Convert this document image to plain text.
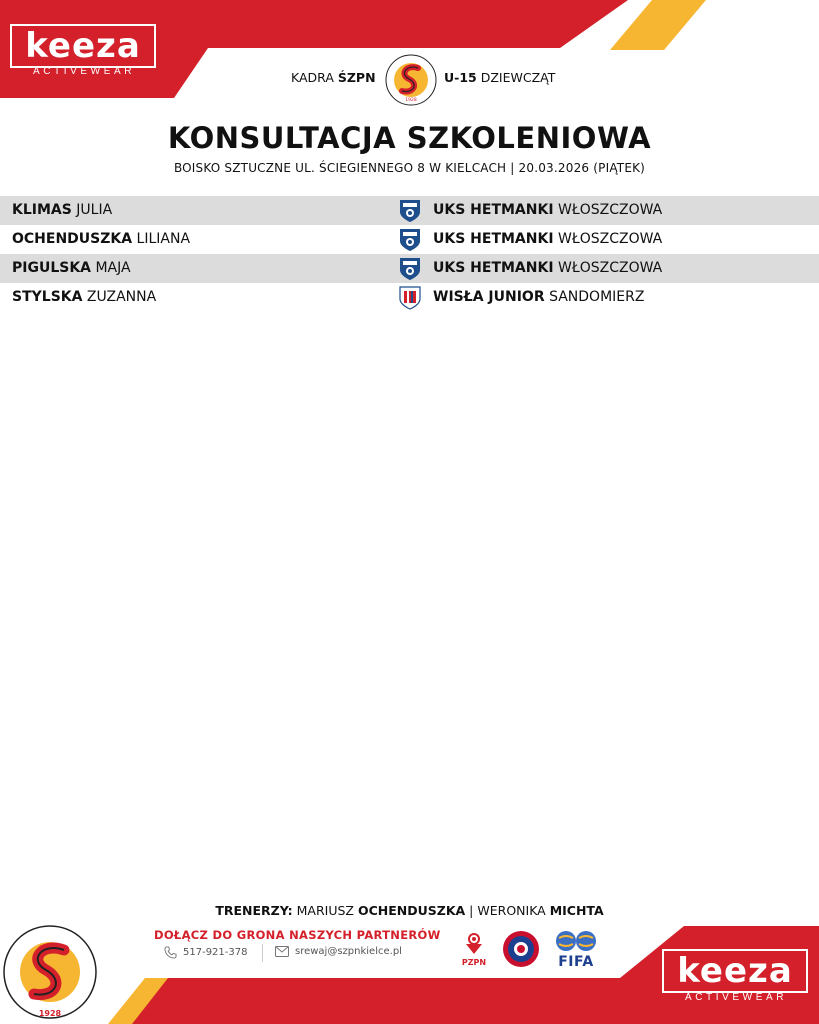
keeza
ACTIVEWEAR	KADRA ŚZPN
1928
U-15 DZIEWCZĄT
KONSULTACJA SZKOLENIOWA
BOISKO SZTUCZNE UL. ŚCIEGIENNEGO 8 W KIELCACH | 20.03.2026 (PIĄTEK)
KLIMAS JULIA	UKS HETMANKI WŁOSZCZOWA
OCHENDUSZKA LILIANA	UKS HETMANKI WŁOSZCZOWA
PIGULSKA MAJA	UKS HETMANKI WŁOSZCZOWA
STYLSKA ZUZANNA	WISŁA JUNIOR SANDOMIERZ
TRENERZY: MARIUSZ OCHENDUSZKA | WERONIKA MICHTA
1928
DOŁĄCZ DO GRONA NASZYCH PARTNERÓW
517-921-378	srewaj@szpnkielce.pl
PZPN	FIFA keeza
ACTIVEWEAR
